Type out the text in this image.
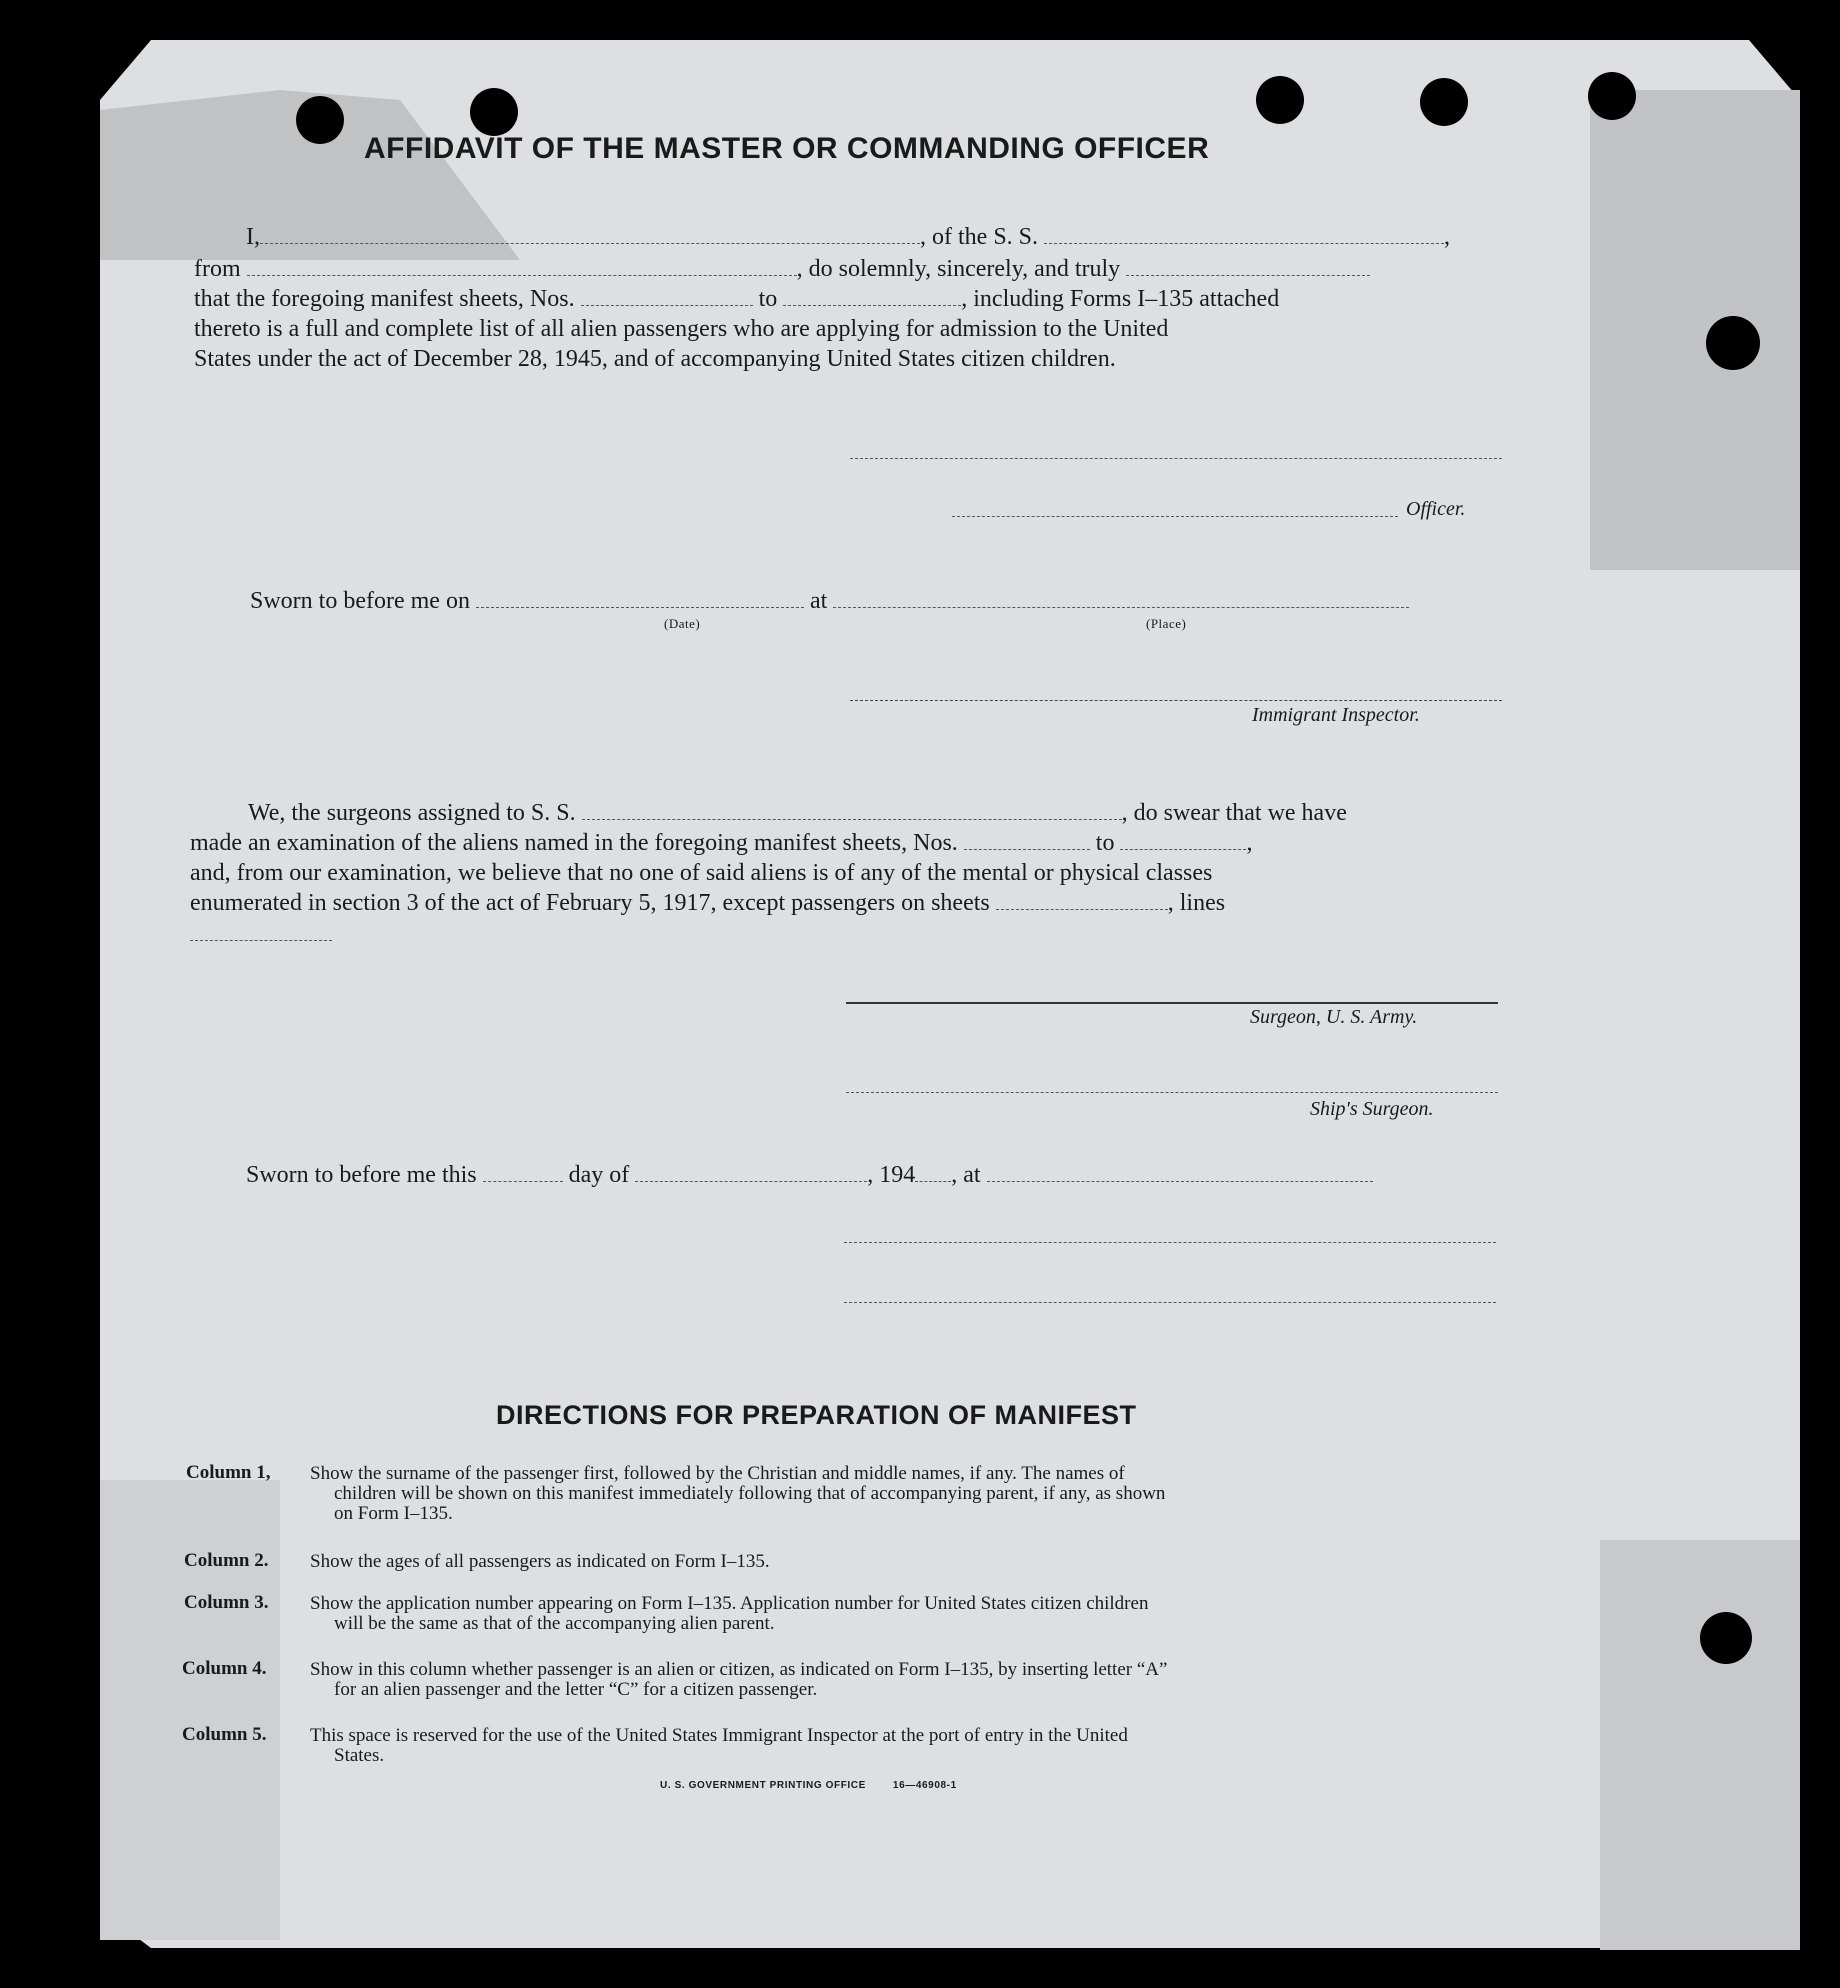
AFFIDAVIT OF THE MASTER OR COMMANDING OFFICER
I,	, of the S. S.	,
from	, do solemnly, sincerely, and truly
that the foregoing manifest sheets, Nos.	to	, including Forms I–135 attached
thereto is a full and complete list of all alien passengers who are applying for admission to the United
States under the act of December 28, 1945, and of accompanying United States citizen children.
Officer.
Sworn to before me on	at
(Date)	(Place)
Immigrant Inspector.
We, the surgeons assigned to S. S.	, do swear that we have
made an examination of the aliens named in the foregoing manifest sheets, Nos.	to	,
and, from our examination, we believe that no one of said aliens is of any of the mental or physical classes
enumerated in section 3 of the act of February 5, 1917, except passengers on sheets	, lines
Surgeon, U. S. Army.
Ship's Surgeon.
Sworn to before me this	day of	, 194 , at
DIRECTIONS FOR PREPARATION OF MANIFEST
Column 1, Show the surname of the passenger first, followed by the Christian and middle names, if any. The names of
children will be shown on this manifest immediately following that of accompanying parent, if any, as shown
on Form I–135.
Column 2. Show the ages of all passengers as indicated on Form I–135.
Column 3. Show the application number appearing on Form I–135. Application number for United States citizen children
will be the same as that of the accompanying alien parent.
Column 4. Show in this column whether passenger is an alien or citizen, as indicated on Form I–135, by inserting letter “A”
for an alien passenger and the letter “C” for a citizen passenger.
Column 5. This space is reserved for the use of the United States Immigrant Inspector at the port of entry in the United
States.
U. S. GOVERNMENT PRINTING OFFICE	16—46908-1
